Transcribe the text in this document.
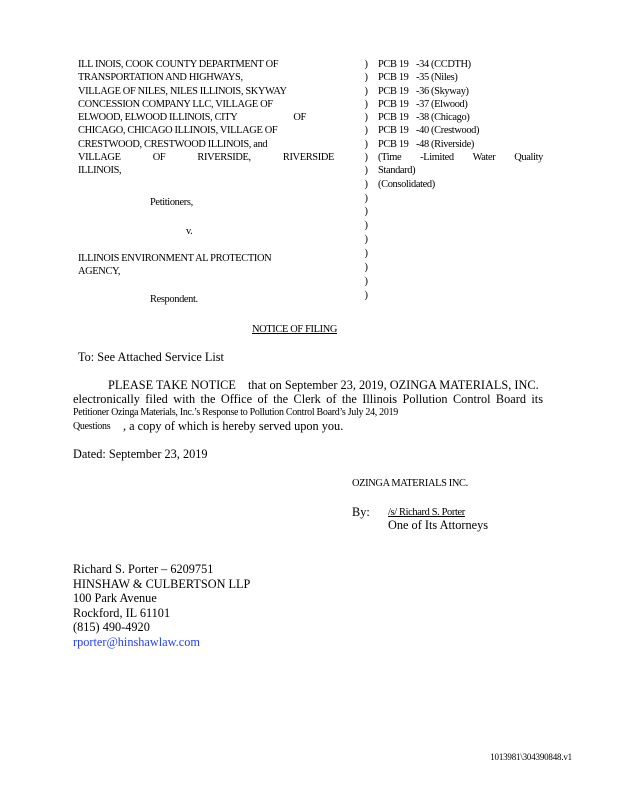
ILL INOIS, COOK COUNTY DEPARTMENT OF
TRANSPORTATION AND HIGHWAYS,
VILLAGE OF NILES, NILES ILLINOIS, SKYWAY
CONCESSION COMPANY LLC, VILLAGE OF
ELWOOD, ELWOOD ILLINOIS, CITY	OF
CHICAGO, CHICAGO ILLINOIS, VILLAGE OF
CRESTWOOD, CRESTWOOD ILLINOIS, and
VILLAGE	OF	RIVERSIDE,	RIVERSIDE
ILLINOIS,
Petitioners,
v.
ILLINOIS ENVIRONMENT AL PROTECTION
AGENCY,
Respondent.
)
)
)
)
)
)
)
)
)
)
)
)
)
)
)
)
)
)
PCB 19 -34 (CCDTH)
PCB 19 -35 (Niles)
PCB 19 -36 (Skyway)
PCB 19 -37 (Elwood)
PCB 19 -38 (Chicago)
PCB 19 -40 (Crestwood)
PCB 19 -48 (Riverside)
(Time -Limited Water Quality
Standard)
(Consolidated)
NOTICE OF FILING
To: See Attached Service List
PLEASE TAKE NOTICE that on September 23, 2019, OZINGA MATERIALS, INC.
electronically filed with the Office of the Clerk of the Illinois Pollution Control Board its
Petitioner Ozinga Materials, Inc.’s Response to Pollution Control Board’s July 24, 2019
Questions , a copy of which is hereby served upon you.
Dated: September 23, 2019
OZINGA MATERIALS INC.
By: /s/ Richard S. Porter
One of Its Attorneys
Richard S. Porter – 6209751
HINSHAW & CULBERTSON LLP
100 Park Avenue
Rockford, IL 61101
(815) 490-4920
rporter@hinshawlaw.com
1013981\304390848.v1
